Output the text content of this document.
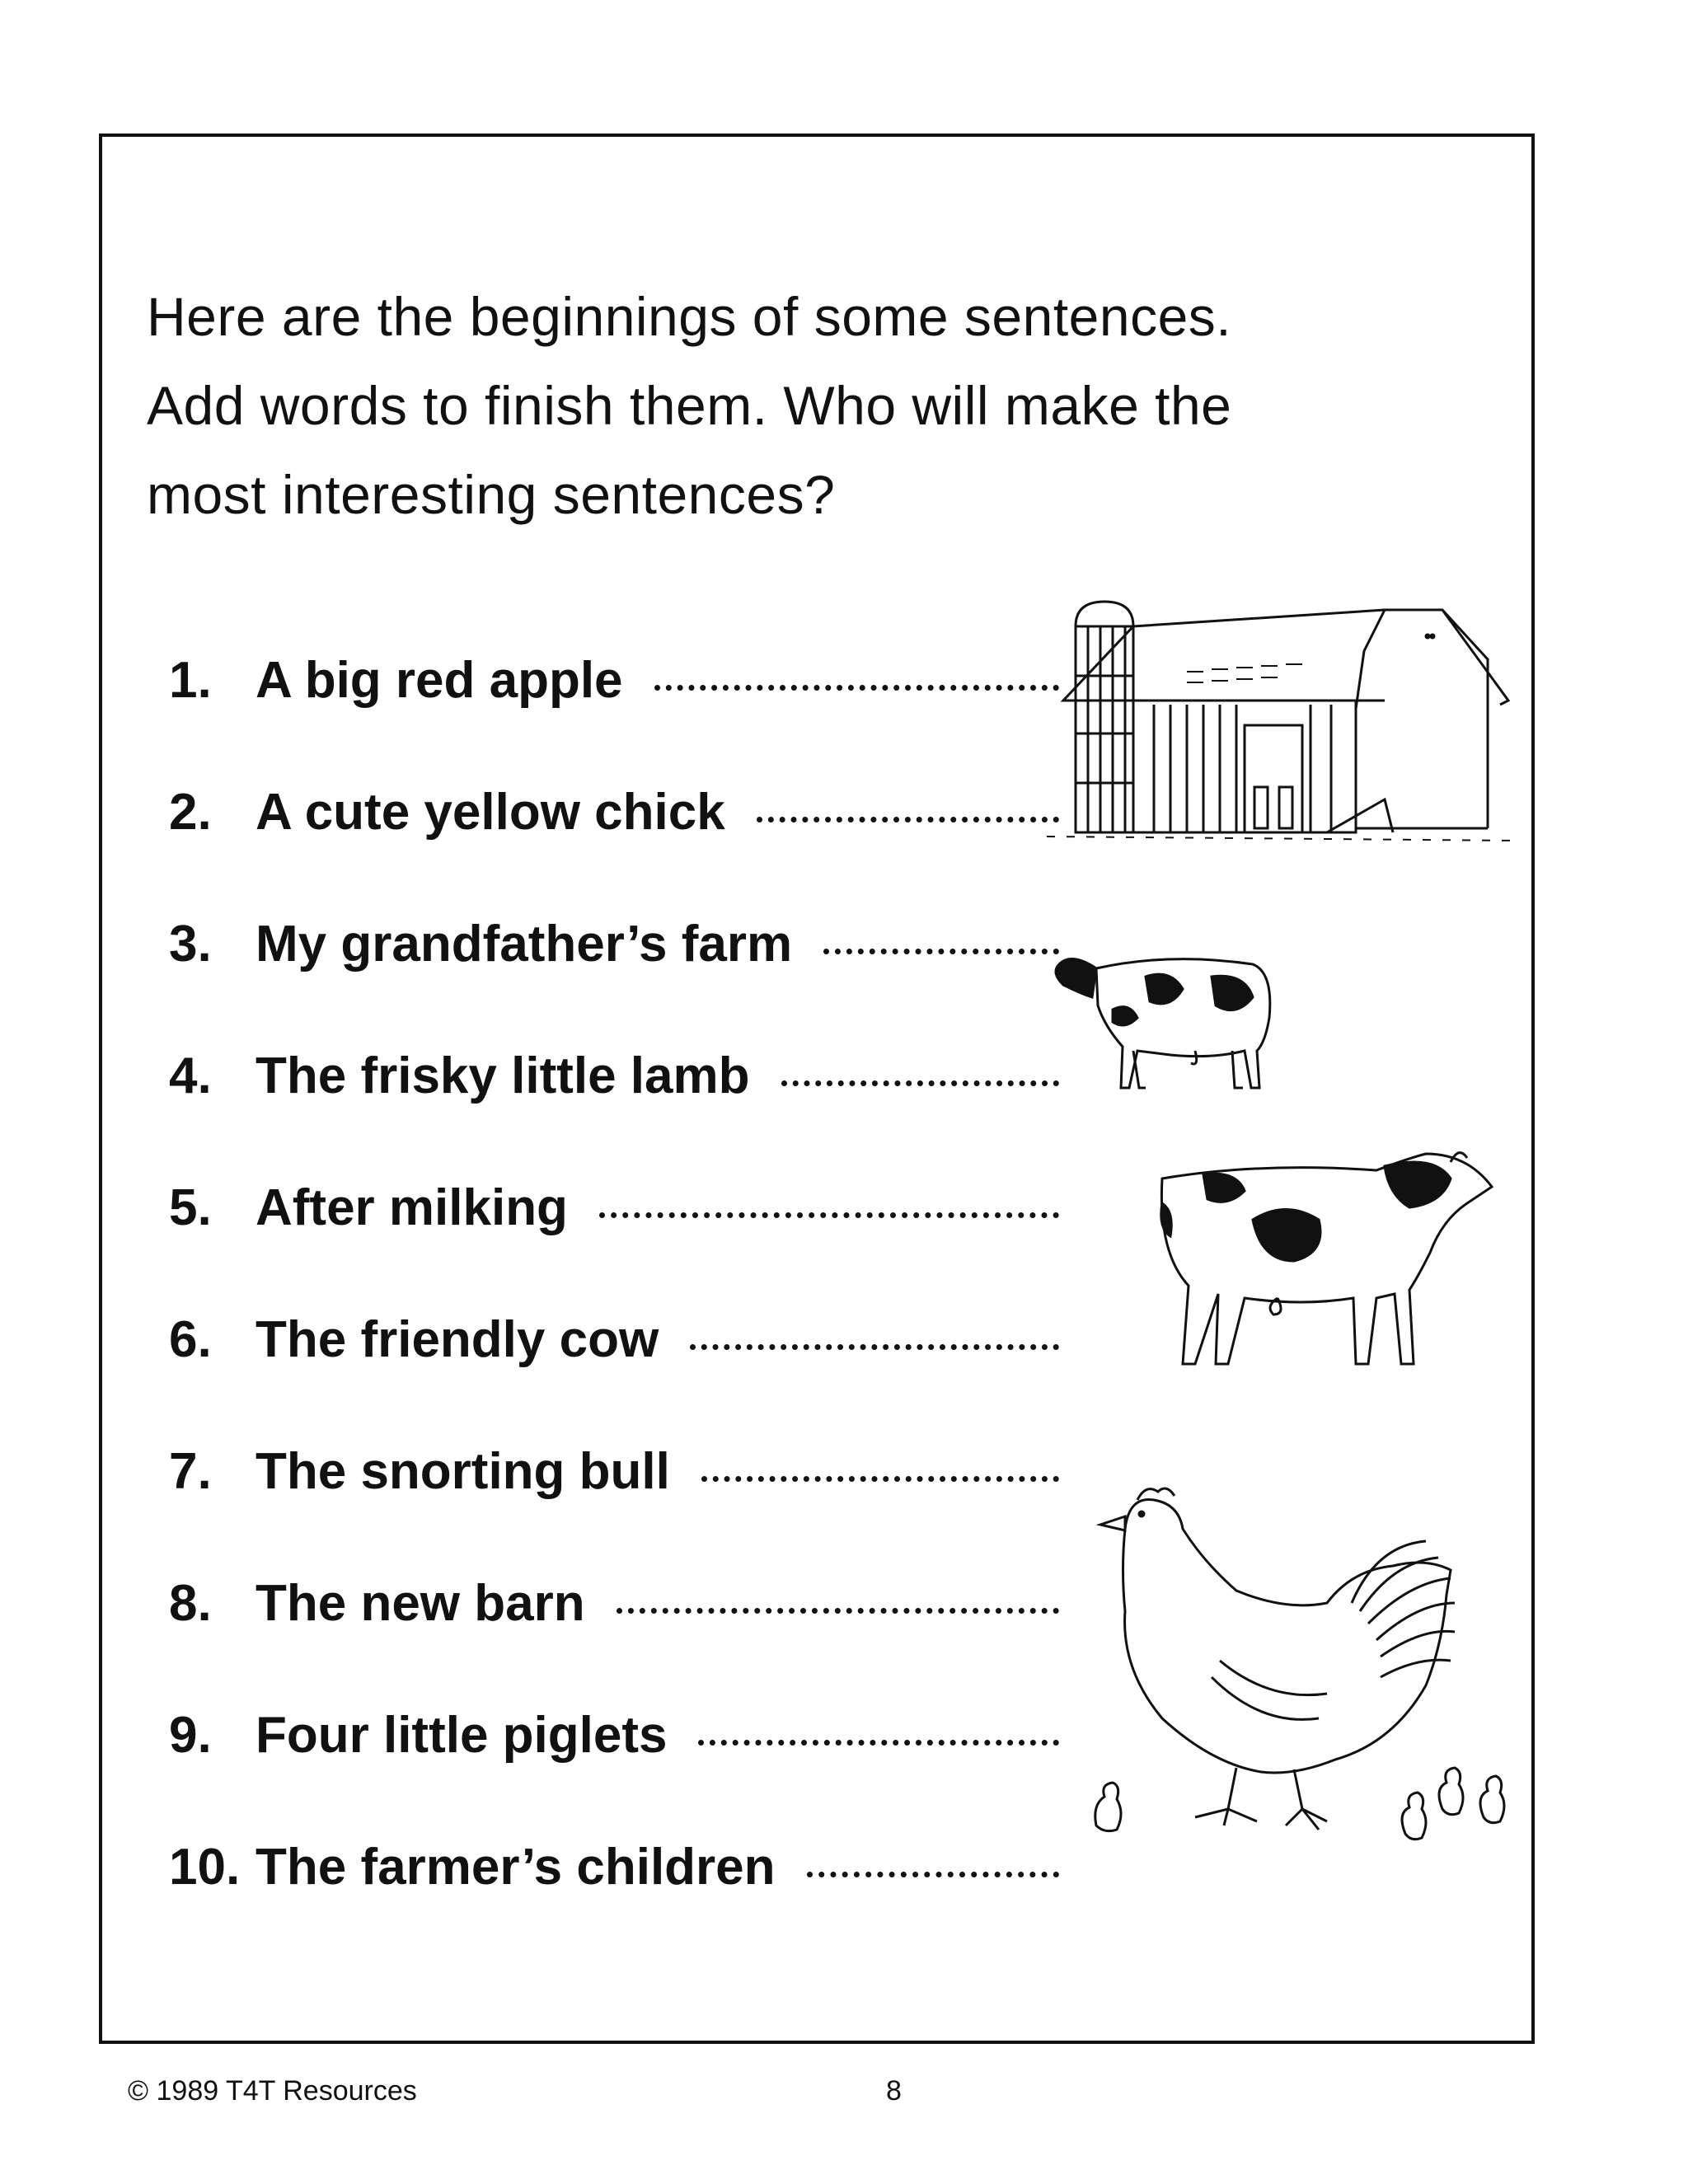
Here are the beginnings of some sentences.

Add words to finish them. Who will make the

most interesting sentences?

1. A big red apple
2. A cute yellow chick
3. My grandfather’s farm
4. The frisky little lamb
5. After milking
6. The friendly cow
7. The snorting bull
8. The new barn
9. Four little piglets
10. The farmer’s children
© 1989 T4T Resources	8
